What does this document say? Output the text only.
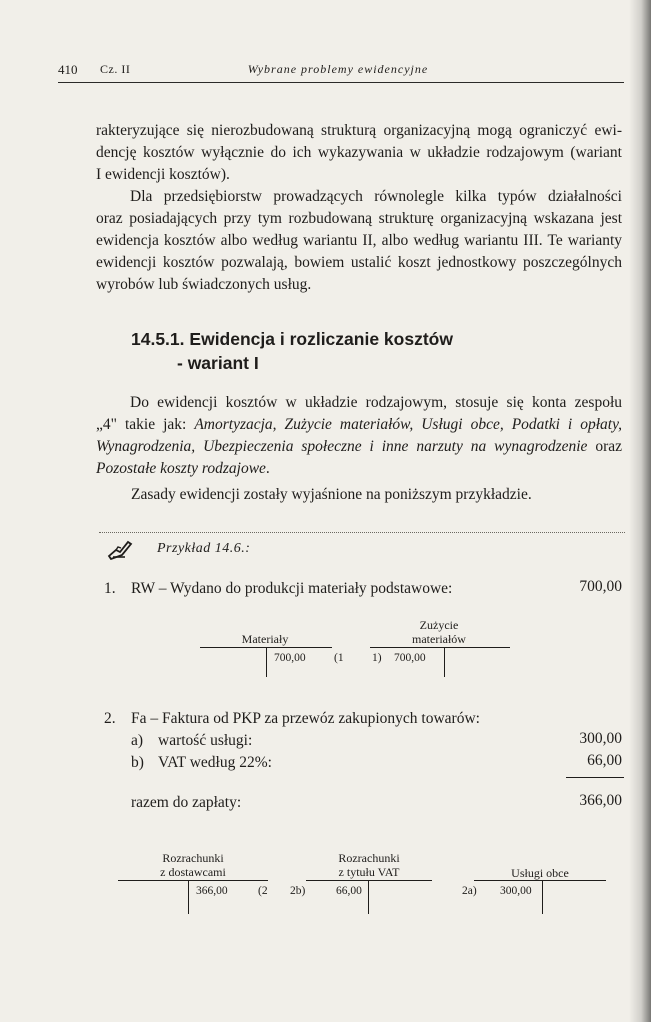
410 Cz. II	Wybrane problemy ewidencyjne

rakteryzujące się nierozbudowaną strukturą organizacyjną mogą ograniczyć ewi-
dencję kosztów wyłącznie do ich wykazywania w układzie rodzajowym (wariant
I ewidencji kosztów).

Dla przedsiębiorstw prowadzących równolegle kilka typów działalności
oraz posiadających przy tym rozbudowaną strukturę organizacyjną wskazana jest
ewidencja kosztów albo według wariantu II, albo według wariantu III. Te warianty
ewidencji kosztów pozwalają, bowiem ustalić koszt jednostkowy poszczególnych
wyrobów lub świadczonych usług.

14.5.1. Ewidencja i rozliczanie kosztów
- wariant I

Do ewidencji kosztów w układzie rodzajowym, stosuje się konta zespołu
„4" takie jak: Amortyzacja, Zużycie materiałów, Usługi obce, Podatki i opłaty,
Wynagrodzenia, Ubezpieczenia społeczne i inne narzuty na wynagrodzenie oraz
Pozostałe koszty rodzajowe.

Zasady ewidencji zostały wyjaśnione na poniższym przykładzie.

Przykład 14.6.:
1. RW – Wydano do produkcji materiały podstawowe:	700,00
Materiały
700,00 (1
Zużycie
materiałów
1) 700,00
2. Fa – Faktura od PKP za przewóz zakupionych towarów:
a) wartość usługi:	300,00
b) VAT według 22%:	66,00
razem do zapłaty:	366,00
Rozrachunki
z dostawcami
366,00	(2
Rozrachunki
z tytułu VAT
2b)	66,00
Usługi obce
2a) 300,00
